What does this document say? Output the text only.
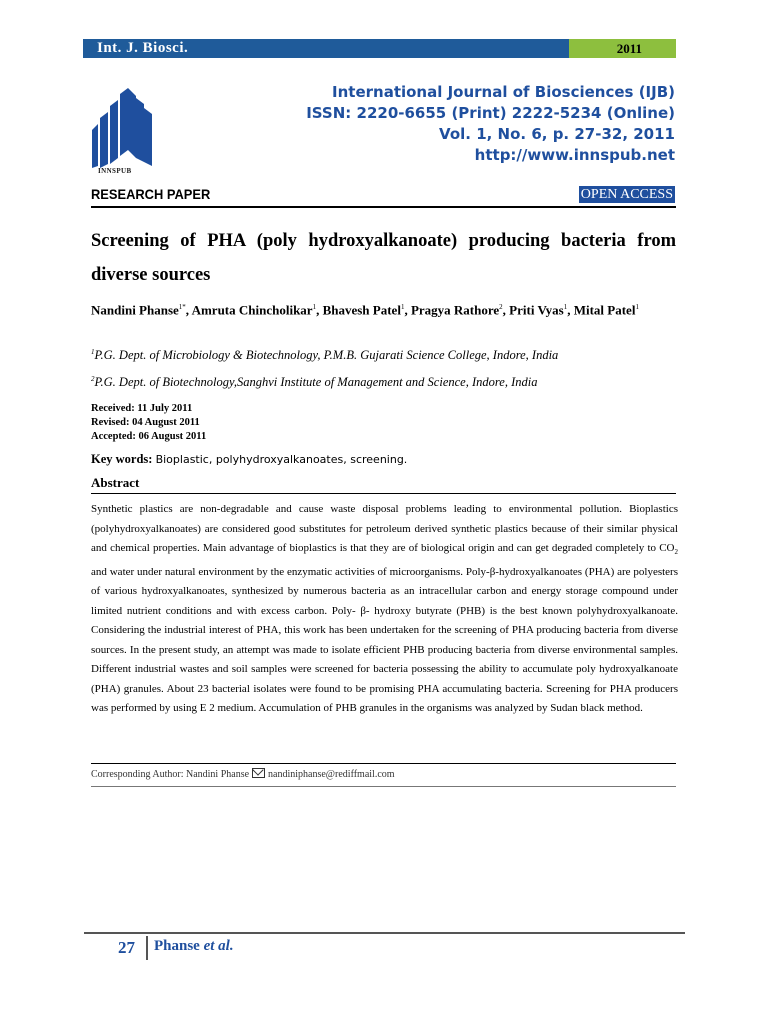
Int. J. Biosci.	2011
INNSPUB
International Journal of Biosciences (IJB)
ISSN: 2220-6655 (Print) 2222-5234 (Online)
Vol. 1, No. 6, p. 27-32, 2011
http://www.innspub.net
RESEARCH PAPER	OPEN ACCESS
Screening of PHA (poly hydroxyalkanoate) producing bacteria from diverse sources
Nandini Phanse$^{1*}$, Amruta Chincholikar$^1$, Bhavesh Patel$^1$, Pragya Rathore$^2$, Priti Vyas$^1$, Mital Patel$^1$
$^1$P.G. Dept. of Microbiology & Biotechnology, P.M.B. Gujarati Science College, Indore, India
$^2$P.G. Dept. of Biotechnology,Sanghvi Institute of Management and Science, Indore, India
Received: 11 July 2011
Revised: 04 August 2011
Accepted: 06 August 2011
Key words: Bioplastic, polyhydroxyalkanoates, screening.
Abstract

Synthetic plastics are non-degradable and cause waste disposal problems leading to environmental pollution. Bioplastics (polyhydroxyalkanoates) are considered good substitutes for petroleum derived synthetic plastics because of their similar physical and chemical properties. Main advantage of bioplastics is that they are of biological origin and can get degraded completely to $CO_2$ and water under natural environment by the enzymatic activities of microorganisms. Poly-β-hydroxyalkanoates (PHA) are polyesters of various hydroxyalkanoates, synthesized by numerous bacteria as an intracellular carbon and energy storage compound under limited nutrient conditions and with excess carbon. Poly- β- hydroxy butyrate (PHB) is the best known polyhydroxyalkanoate. Considering the industrial interest of PHA, this work has been undertaken for the screening of PHA producing bacteria from diverse sources. In the present study, an attempt was made to isolate efficient PHB producing bacteria from diverse environmental samples. Different industrial wastes and soil samples were screened for bacteria possessing the ability to accumulate poly hydroxyalkanoate (PHA) granules. About 23 bacterial isolates were found to be promising PHA accumulating bacteria. Screening for PHA producers was performed by using E 2 medium. Accumulation of PHB granules in the organisms was analyzed by Sudan black method.

Corresponding Author: Nandini Phanse nandiniphanse@rediffmail.com
27 Phanse et al.
